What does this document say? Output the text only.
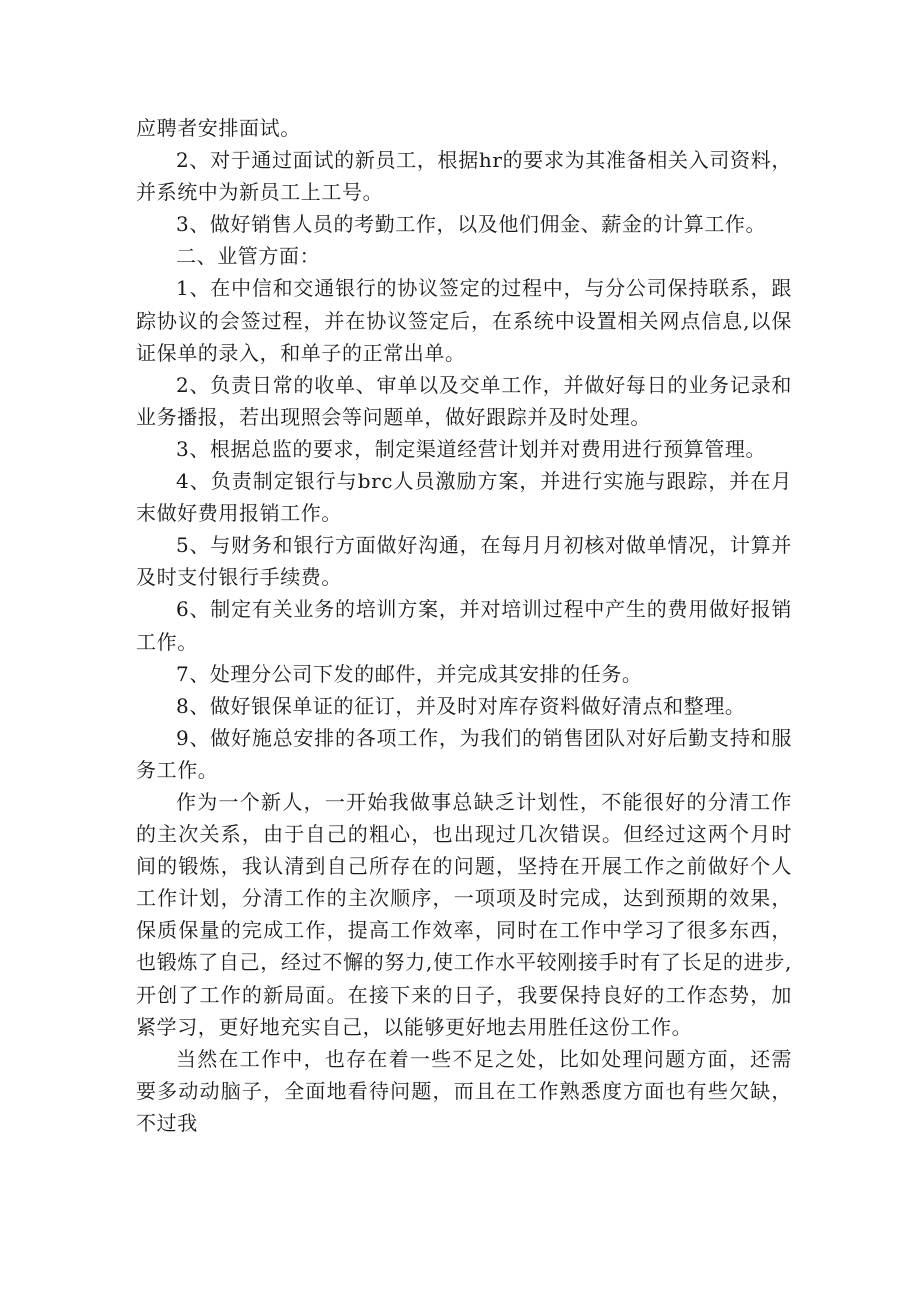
应聘者安排面试。

2、对于通过面试的新员工，根据hr的要求为其准备相关入司资料，并系统中为新员工上工号。

3、做好销售人员的考勤工作，以及他们佣金、薪金的计算工作。

二、业管方面：

1、在中信和交通银行的协议签定的过程中，与分公司保持联系，跟踪协议的会签过程，并在协议签定后，在系统中设置相关网点信息,以保证保单的录入，和单子的正常出单。

2、负责日常的收单、审单以及交单工作，并做好每日的业务记录和业务播报，若出现照会等问题单，做好跟踪并及时处理。

3、根据总监的要求，制定渠道经营计划并对费用进行预算管理。

4、负责制定银行与brc人员激励方案，并进行实施与跟踪，并在月末做好费用报销工作。

5、与财务和银行方面做好沟通，在每月月初核对做单情况，计算并及时支付银行手续费。

6、制定有关业务的培训方案，并对培训过程中产生的费用做好报销工作。

7、处理分公司下发的邮件，并完成其安排的任务。

8、做好银保单证的征订，并及时对库存资料做好清点和整理。

9、做好施总安排的各项工作，为我们的销售团队对好后勤支持和服务工作。

作为一个新人，一开始我做事总缺乏计划性，不能很好的分清工作的主次关系，由于自己的粗心，也出现过几次错误。但经过这两个月时间的锻炼，我认清到自己所存在的问题，坚持在开展工作之前做好个人工作计划，分清工作的主次顺序，一项项及时完成，达到预期的效果，保质保量的完成工作，提高工作效率，同时在工作中学习了很多东西，也锻炼了自己，经过不懈的努力,使工作水平较刚接手时有了长足的进步,开创了工作的新局面。在接下来的日子，我要保持良好的工作态势，加紧学习，更好地充实自己，以能够更好地去用胜任这份工作。

当然在工作中，也存在着一些不足之处，比如处理问题方面，还需要多动动脑子，全面地看待问题，而且在工作熟悉度方面也有些欠缺，不过我
